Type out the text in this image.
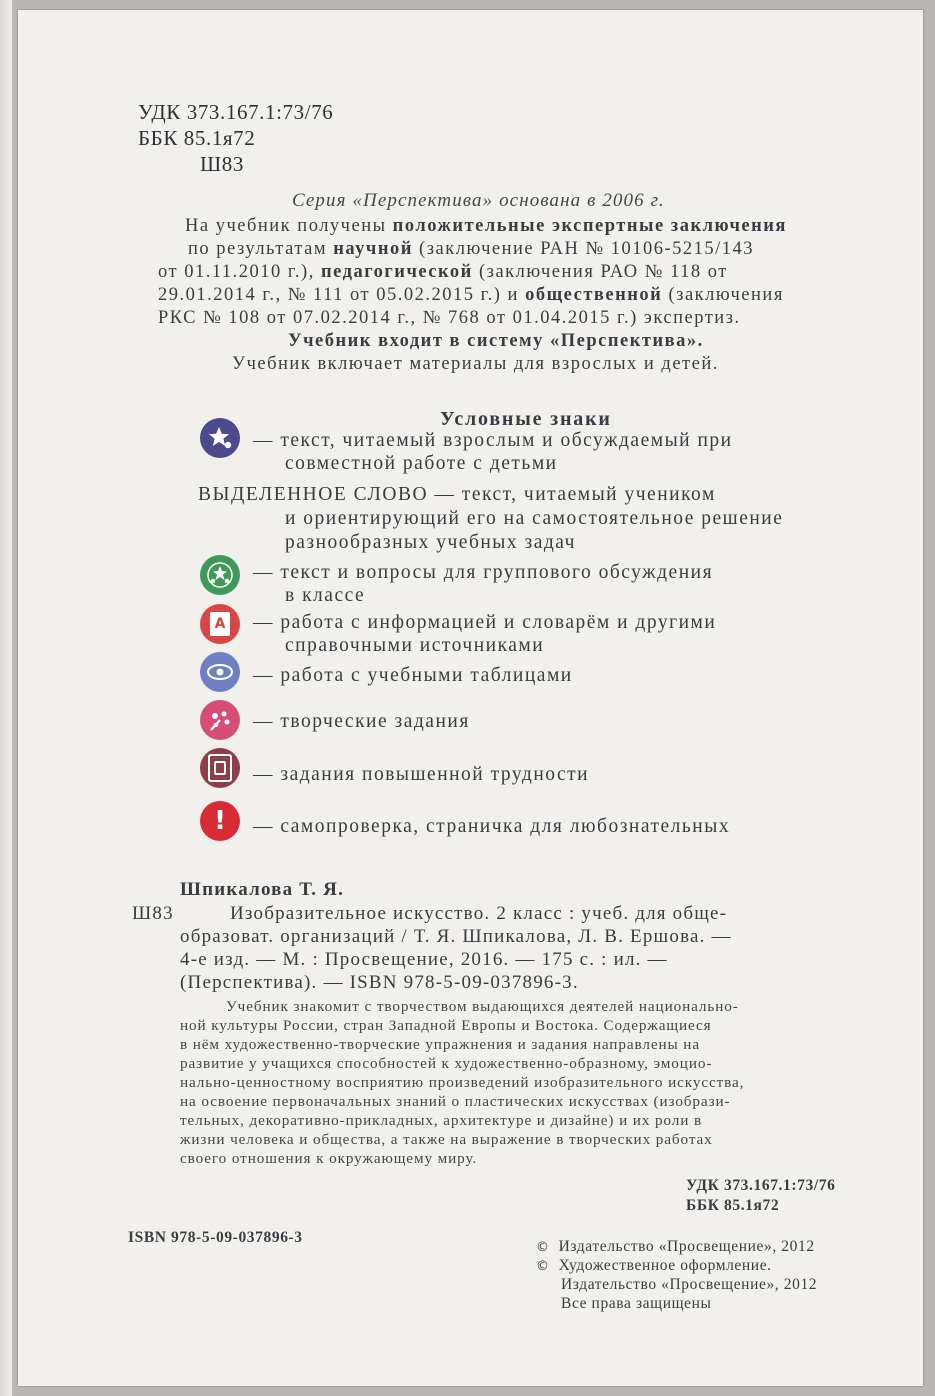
УДК 373.167.1:73/76
ББК 85.1я72
Ш83
Серия «Перспектива» основана в 2006 г.
На учебник получены положительные экспертные заключения
по результатам научной (заключение РАН № 10106-5215/143
от 01.11.2010 г.), педагогической (заключения РАО № 118 от
29.01.2014 г., № 111 от 05.02.2015 г.) и общественной (заключения
РКС № 108 от 07.02.2014 г., № 768 от 01.04.2015 г.) экспертиз.
Учебник входит в систему «Перспектива».
Учебник включает материалы для взрослых и детей.
Условные знаки
— текст, читаемый взрослым и обсуждаемый при
совместной работе с детьми
ВЫДЕЛЕННОЕ СЛОВО — текст, читаемый учеником
и ориентирующий его на самостоятельное решение
разнообразных учебных задач
— текст и вопросы для группового обсуждения
в классе
А — работа с информацией и словарём и другими
справочными источниками
— работа с учебными таблицами
— творческие задания
— задания повышенной трудности
!	— самопроверка, страничка для любознательных
Шпикалова Т. Я.
Ш83	Изобразительное искусство. 2 класс : учеб. для обще-
образоват. организаций / Т. Я. Шпикалова, Л. В. Ершова. —
4-е изд. — М. : Просвещение, 2016. — 175 с. : ил. —
(Перспектива). — ISBN 978-5-09-037896-3.
Учебник знакомит с творчеством выдающихся деятелей национально-
ной культуры России, стран Западной Европы и Востока. Содержащиеся
в нём художественно-творческие упражнения и задания направлены на
развитие у учащихся способностей к художественно-образному, эмоцио-
нально-ценностному восприятию произведений изобразительного искусства,
на освоение первоначальных знаний о пластических искусствах (изобрази-
тельных, декоративно-прикладных, архитектуре и дизайне) и их роли в
жизни человека и общества, а также на выражение в творческих работах
своего отношения к окружающему миру.
УДК 373.167.1:73/76
ББК 85.1я72
ISBN 978-5-09-037896-3
© Издательство «Просвещение», 2012
© Художественное оформление.
Издательство «Просвещение», 2012
Все права защищены
